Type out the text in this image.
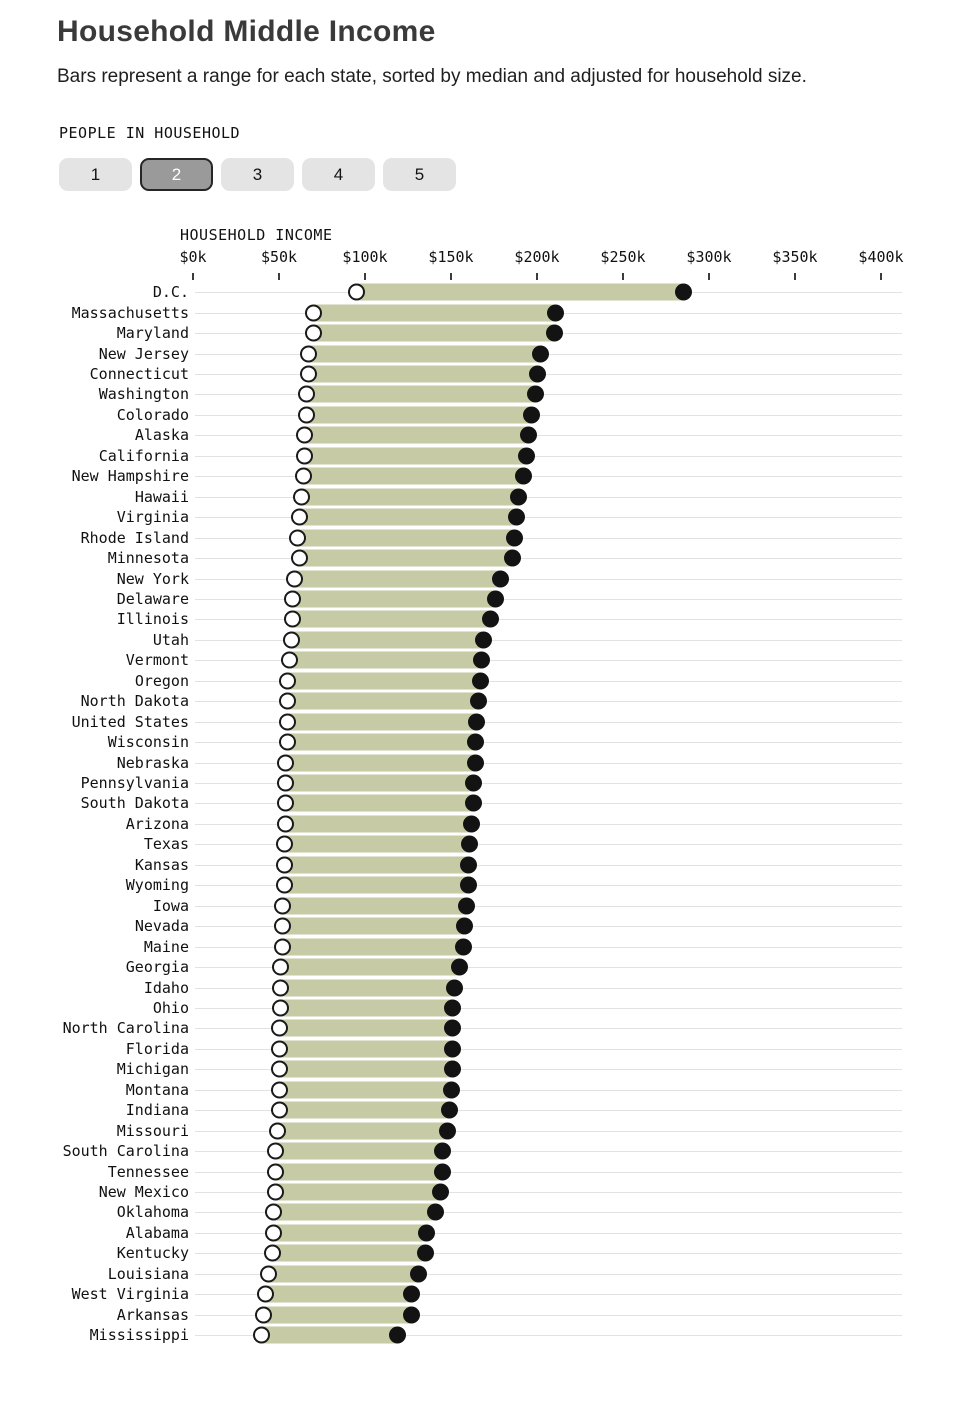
Household Middle Income
Bars represent a range for each state, sorted by median and adjusted for household size.
PEOPLE IN HOUSEHOLD
1	2	3	4	5
HOUSEHOLD INCOME
$0k	$50k	$100k	$150k	$200k	$250k	$300k	$350k	$400k
D.C.
Massachusetts
Maryland
New Jersey
Connecticut
Washington
Colorado
Alaska
California
New Hampshire
Hawaii
Virginia
Rhode Island
Minnesota
New York
Delaware
Illinois
Utah
Vermont
Oregon
North Dakota
United States
Wisconsin
Nebraska
Pennsylvania
South Dakota
Arizona
Texas
Kansas
Wyoming
Iowa
Nevada
Maine
Georgia
Idaho
Ohio
North Carolina
Florida
Michigan
Montana
Indiana
Missouri
South Carolina
Tennessee
New Mexico
Oklahoma
Alabama
Kentucky
Louisiana
West Virginia
Arkansas
Mississippi
